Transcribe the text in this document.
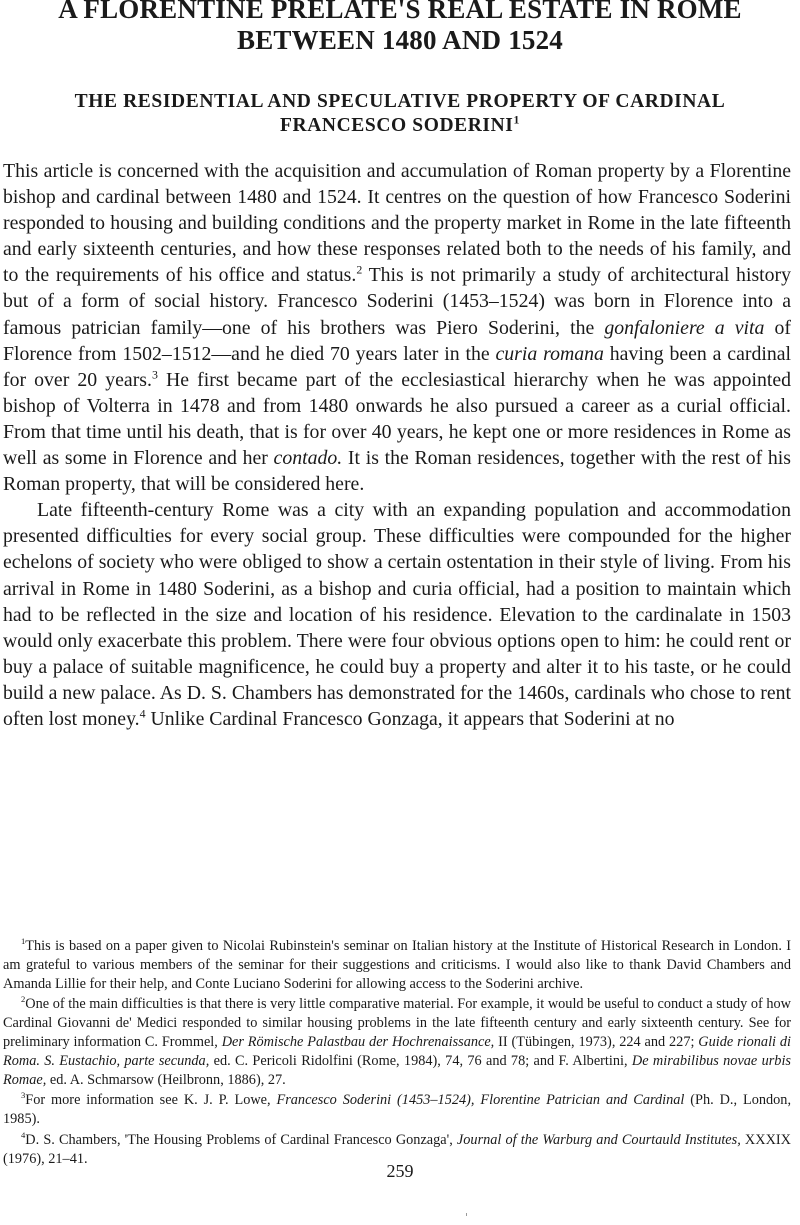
A FLORENTINE PRELATE'S REAL ESTATE IN ROME BETWEEN 1480 AND 1524
THE RESIDENTIAL AND SPECULATIVE PROPERTY OF CARDINAL FRANCESCO SODERINI$^1$

This article is concerned with the acquisition and accumulation of Roman property by a Florentine bishop and cardinal between 1480 and 1524. It centres on the question of how Francesco Soderini responded to housing and building conditions and the property market in Rome in the late fifteenth and early sixteenth centuries, and how these responses related both to the needs of his family, and to the requirements of his office and status.$^2$ This is not primarily a study of architectural history but of a form of social history. Francesco Soderini (1453–1524) was born in Florence into a famous patrician family—one of his brothers was Piero Soderini, the gonfaloniere a vita of Florence from 1502–1512—and he died 70 years later in the curia romana having been a cardinal for over 20 years.$^3$ He first became part of the ecclesiastical hierarchy when he was appointed bishop of Volterra in 1478 and from 1480 onwards he also pursued a career as a curial official. From that time until his death, that is for over 40 years, he kept one or more residences in Rome as well as some in Florence and her contado. It is the Roman residences, together with the rest of his Roman property, that will be considered here.

Late fifteenth-century Rome was a city with an expanding population and accommodation presented difficulties for every social group. These difficulties were compounded for the higher echelons of society who were obliged to show a certain ostentation in their style of living. From his arrival in Rome in 1480 Soderini, as a bishop and curia official, had a position to maintain which had to be reflected in the size and location of his residence. Elevation to the cardinalate in 1503 would only exacerbate this problem. There were four obvious options open to him: he could rent or buy a palace of suitable magnificence, he could buy a property and alter it to his taste, or he could build a new palace. As D. S. Chambers has demonstrated for the 1460s, cardinals who chose to rent often lost money.$^4$ Unlike Cardinal Francesco Gonzaga, it appears that Soderini at no

$^1$This is based on a paper given to Nicolai Rubinstein's seminar on Italian history at the Institute of Historical Research in London. I am grateful to various members of the seminar for their suggestions and criticisms. I would also like to thank David Chambers and Amanda Lillie for their help, and Conte Luciano Soderini for allowing access to the Soderini archive.

$^2$One of the main difficulties is that there is very little comparative material. For example, it would be useful to conduct a study of how Cardinal Giovanni de' Medici responded to similar housing problems in the late fifteenth century and early sixteenth century. See for preliminary information C. Frommel, Der Römische Palastbau der Hochrenaissance, II (Tübingen, 1973), 224 and 227; Guide rionali di Roma. S. Eustachio, parte secunda, ed. C. Pericoli Ridolfini (Rome, 1984), 74, 76 and 78; and F. Albertini, De mirabilibus novae urbis Romae, ed. A. Schmarsow (Heilbronn, 1886), 27.

$^3$For more information see K. J. P. Lowe, Francesco Soderini (1453–1524), Florentine Patrician and Cardinal (Ph. D., London, 1985).

$^4$D. S. Chambers, 'The Housing Problems of Cardinal Francesco Gonzaga', Journal of the Warburg and Courtauld Institutes, XXXIX (1976), 21–41.

259
